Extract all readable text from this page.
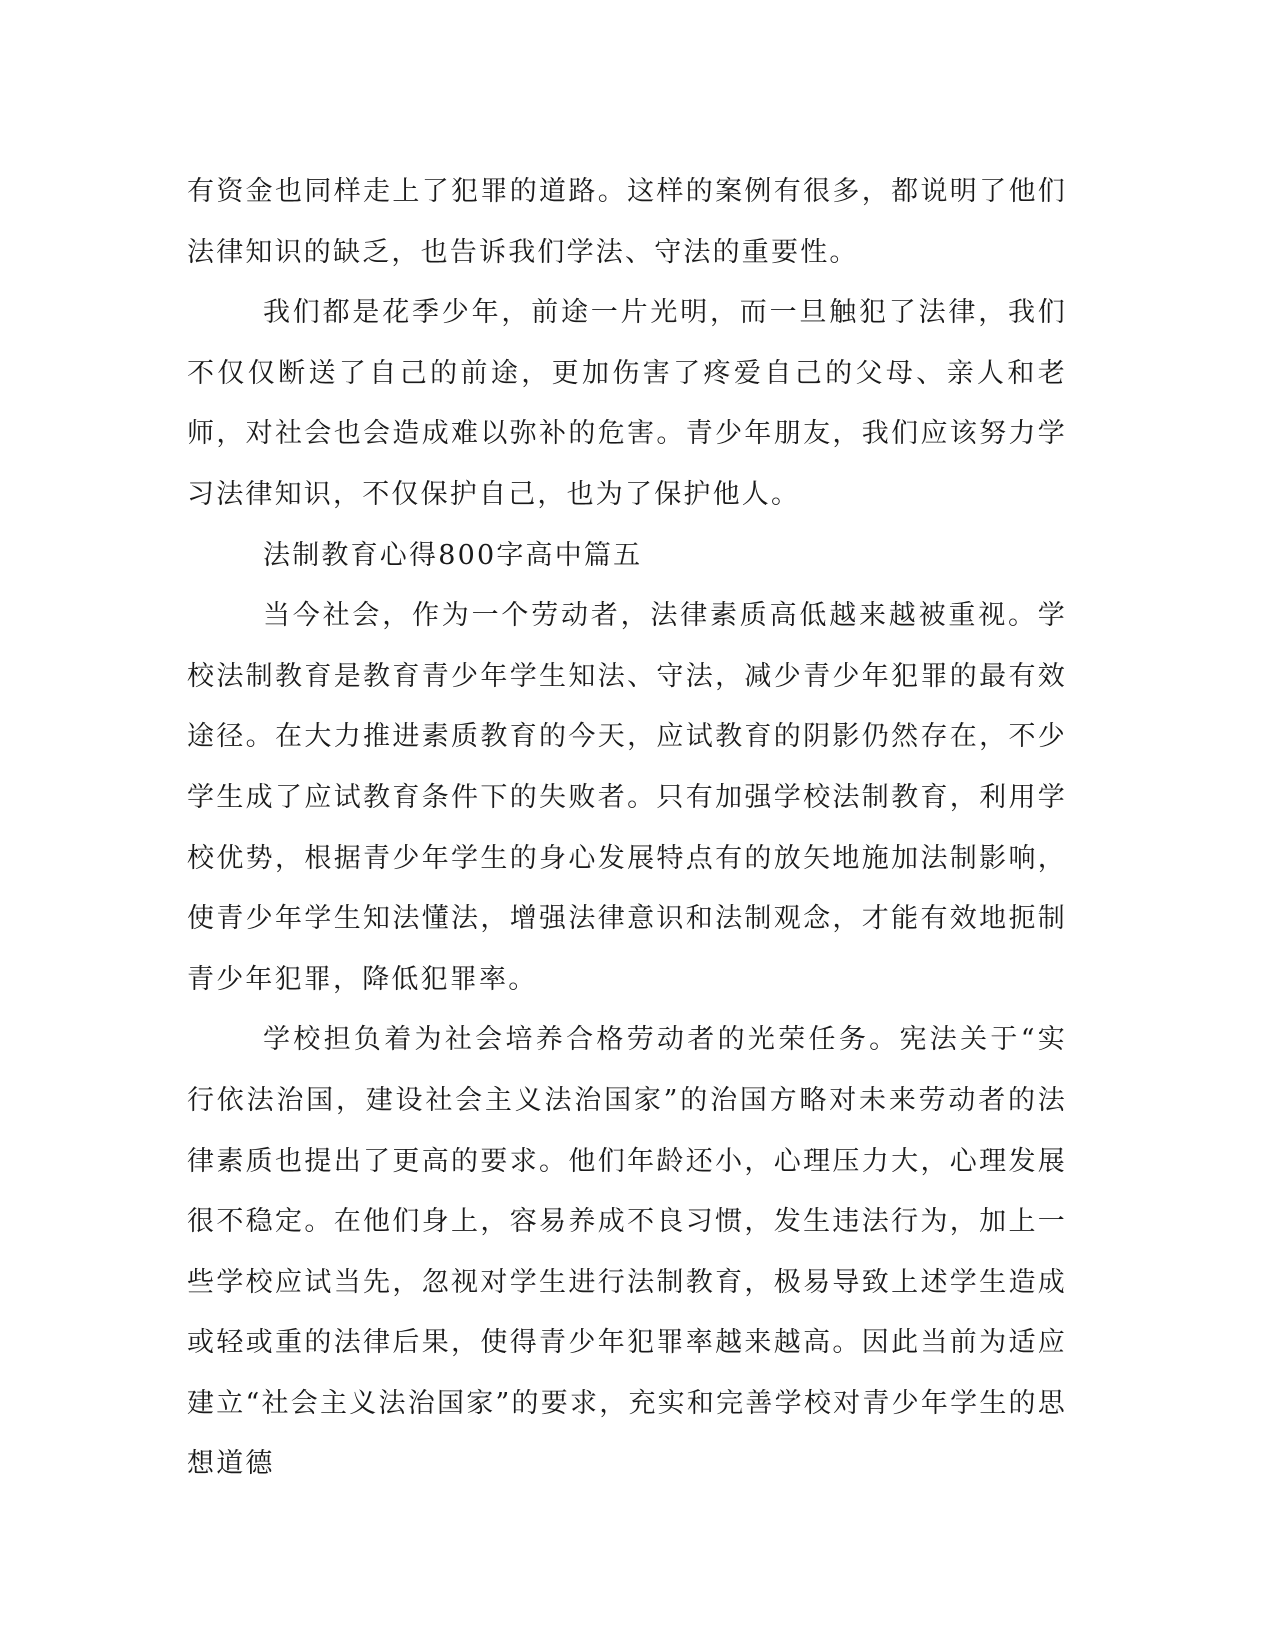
有资金也同样走上了犯罪的道路。这样的案例有很多，都说明了他们法律知识的缺乏，也告诉我们学法、守法的重要性。

我们都是花季少年，前途一片光明，而一旦触犯了法律，我们不仅仅断送了自己的前途，更加伤害了疼爱自己的父母、亲人和老师，对社会也会造成难以弥补的危害。青少年朋友，我们应该努力学习法律知识，不仅保护自己，也为了保护他人。

法制教育心得800字高中篇五

当今社会，作为一个劳动者，法律素质高低越来越被重视。学校法制教育是教育青少年学生知法、守法，减少青少年犯罪的最有效途径。在大力推进素质教育的今天，应试教育的阴影仍然存在，不少学生成了应试教育条件下的失败者。只有加强学校法制教育，利用学校优势，根据青少年学生的身心发展特点有的放矢地施加法制影响，使青少年学生知法懂法，增强法律意识和法制观念，才能有效地扼制青少年犯罪，降低犯罪率。

学校担负着为社会培养合格劳动者的光荣任务。宪法关于“实行依法治国，建设社会主义法治国家”的治国方略对未来劳动者的法律素质也提出了更高的要求。他们年龄还小，心理压力大，心理发展很不稳定。在他们身上，容易养成不良习惯，发生违法行为，加上一些学校应试当先，忽视对学生进行法制教育，极易导致上述学生造成或轻或重的法律后果，使得青少年犯罪率越来越高。因此当前为适应建立“社会主义法治国家”的要求，充实和完善学校对青少年学生的思想道德
